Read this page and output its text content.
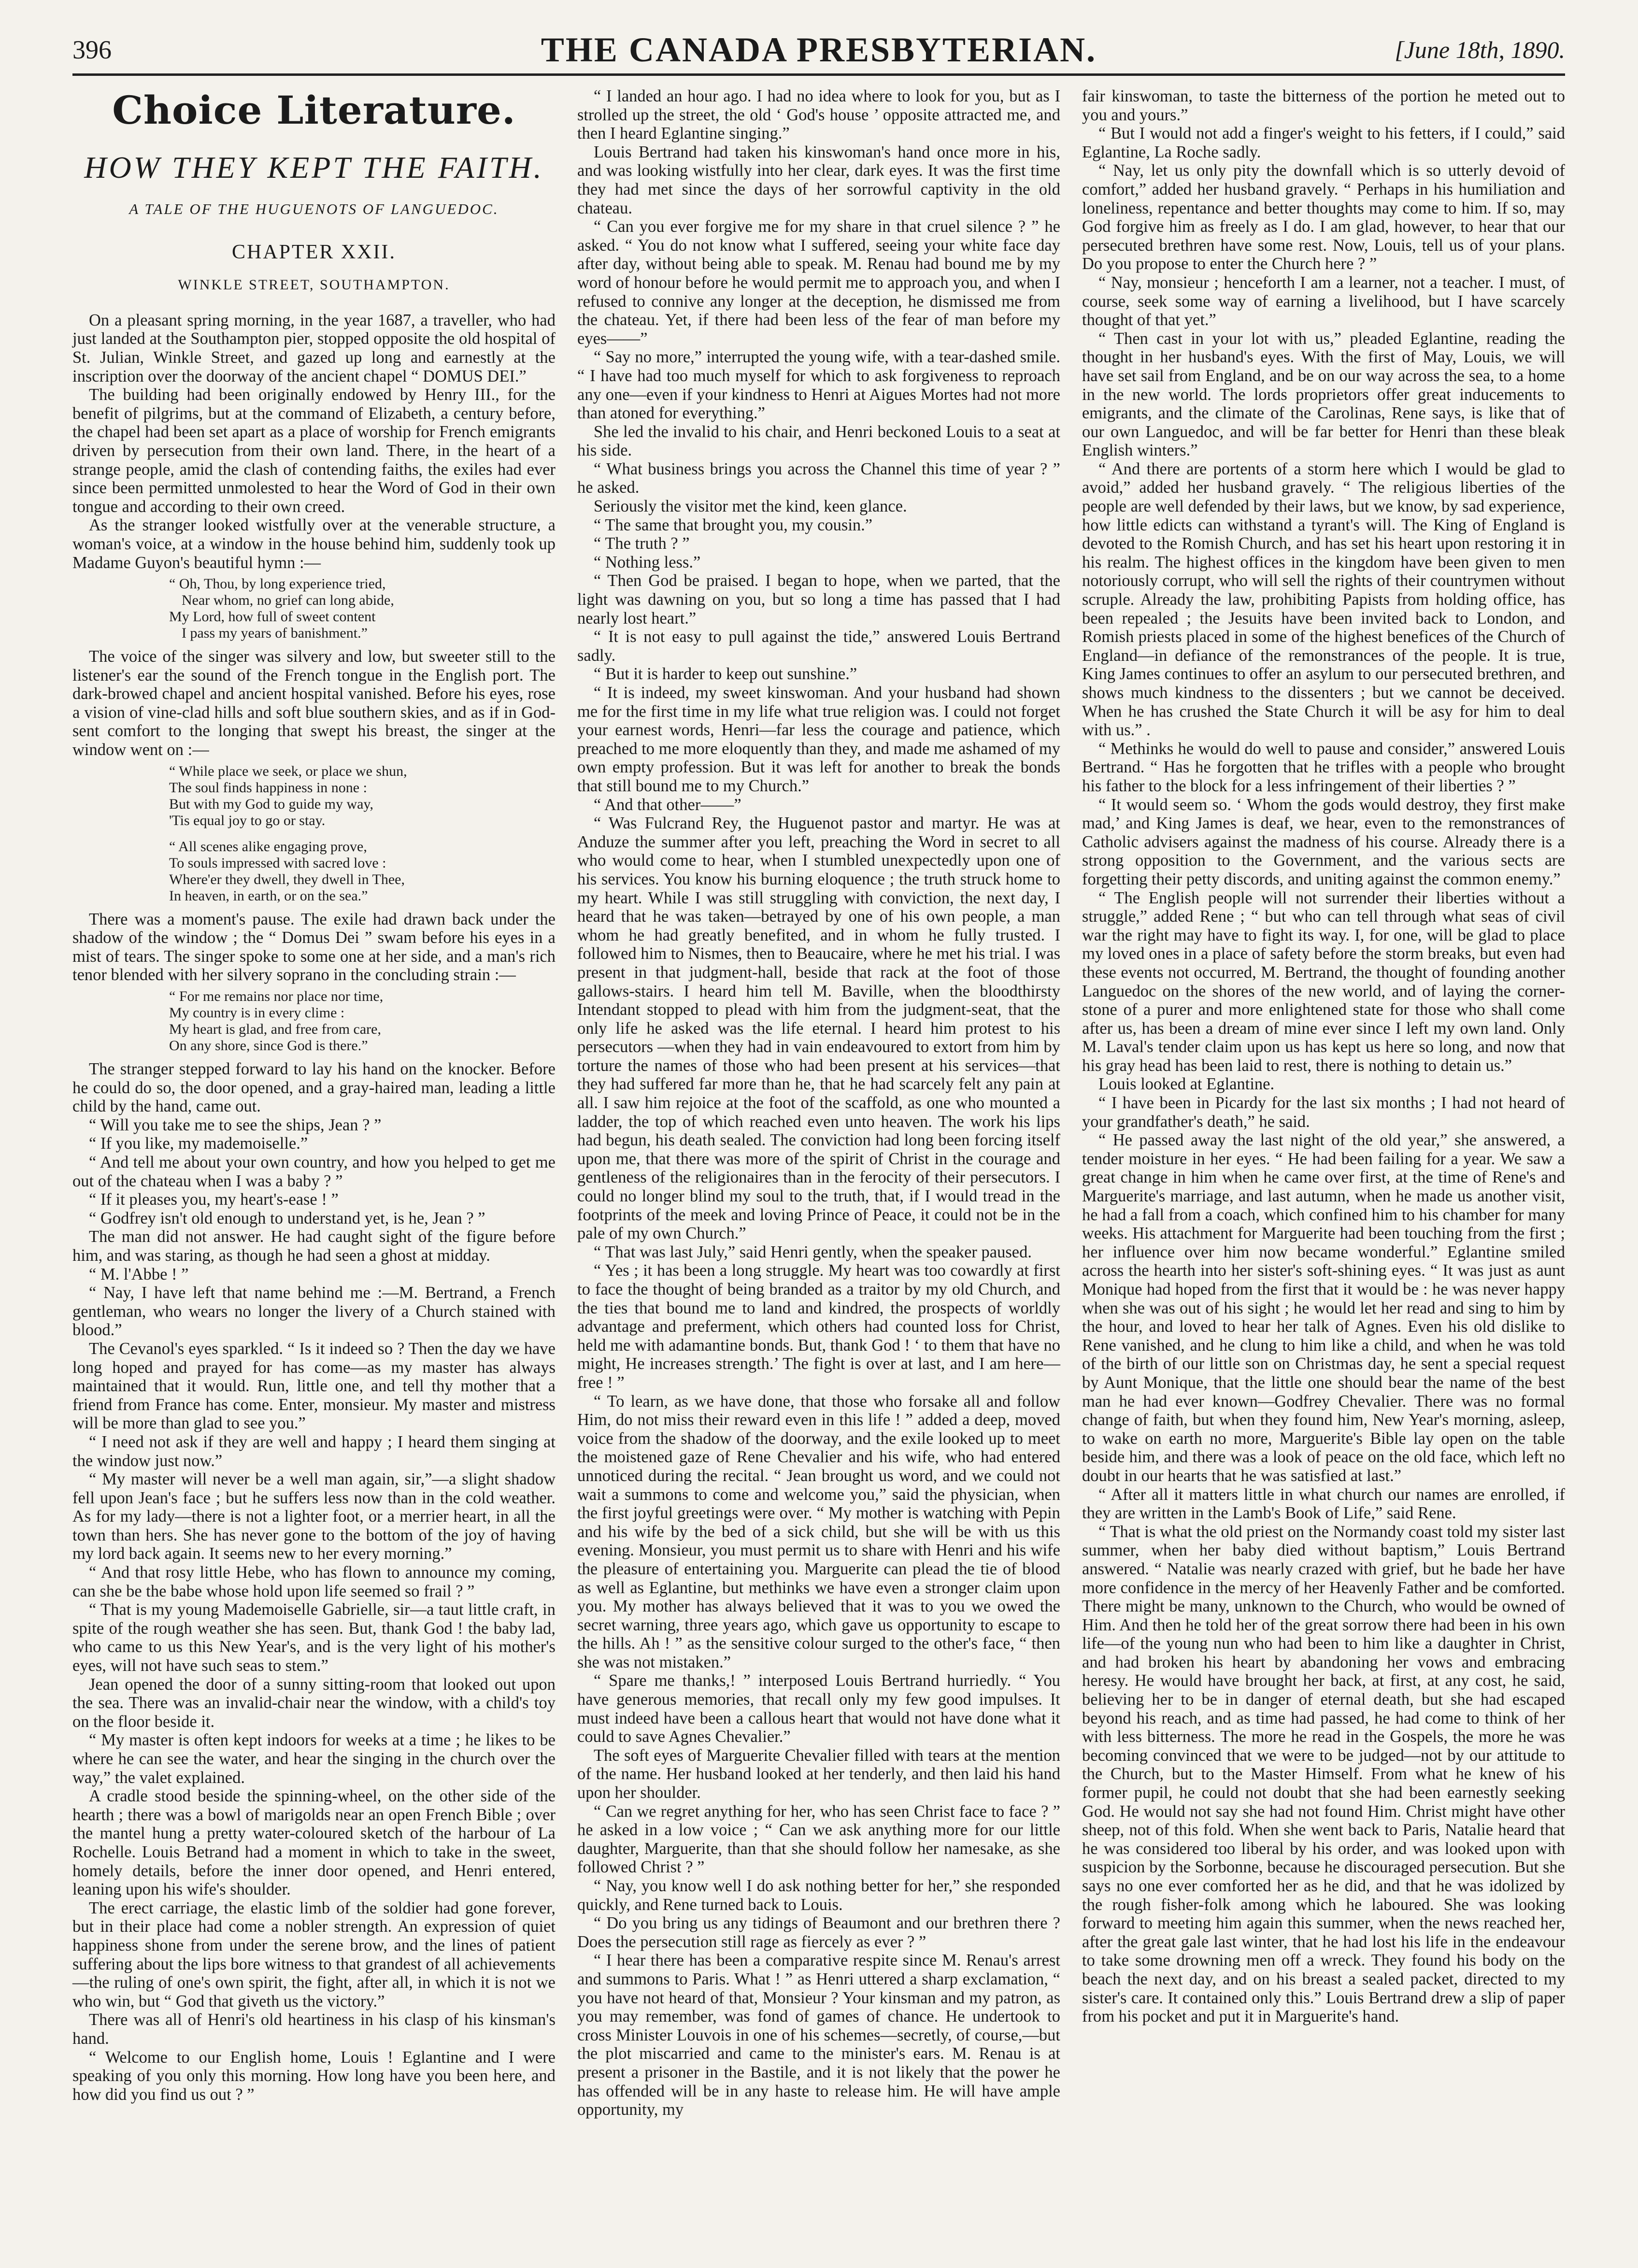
396	THE CANADA PRESBYTERIAN.	[June 18th, 1890.
Choice Literature.
HOW THEY KEPT THE FAITH.
A TALE OF THE HUGUENOTS OF LANGUEDOC.
CHAPTER XXII.
WINKLE STREET, SOUTHAMPTON.

On a pleasant spring morning, in the year 1687, a traveller, who had just landed at the Southampton pier, stopped opposite the old hospital of St. Julian, Winkle Street, and gazed up long and earnestly at the inscription over the doorway of the ancient chapel “ DOMUS DEI.”

The building had been originally endowed by Henry III., for the benefit of pilgrims, but at the command of Elizabeth, a century before, the chapel had been set apart as a place of worship for French emigrants driven by persecution from their own land. There, in the heart of a strange people, amid the clash of contending faiths, the exiles had ever since been permitted unmolested to hear the Word of God in their own tongue and according to their own creed.

As the stranger looked wistfully over at the venerable structure, a woman's voice, at a window in the house behind him, suddenly took up Madame Guyon's beautiful hymn :—

“ Oh, Thou, by long experience tried,
Near whom, no grief can long abide,
My Lord, how full of sweet content
I pass my years of banishment.”

The voice of the singer was silvery and low, but sweeter still to the listener's ear the sound of the French tongue in the English port. The dark-browed chapel and ancient hospital vanished. Before his eyes, rose a vision of vine-clad hills and soft blue southern skies, and as if in God-sent comfort to the longing that swept his breast, the singer at the window went on :—

“ While place we seek, or place we shun,
The soul finds happiness in none :
But with my God to guide my way,
'Tis equal joy to go or stay.
“ All scenes alike engaging prove,
To souls impressed with sacred love :
Where'er they dwell, they dwell in Thee,
In heaven, in earth, or on the sea.”

There was a moment's pause. The exile had drawn back under the shadow of the window ; the “ Domus Dei ” swam before his eyes in a mist of tears. The singer spoke to some one at her side, and a man's rich tenor blended with her silvery soprano in the concluding strain :—

“ For me remains nor place nor time,
My country is in every clime :
My heart is glad, and free from care,
On any shore, since God is there.”

The stranger stepped forward to lay his hand on the knocker. Before he could do so, the door opened, and a gray-haired man, leading a little child by the hand, came out.

“ Will you take me to see the ships, Jean ? ”

“ If you like, my mademoiselle.”

“ And tell me about your own country, and how you helped to get me out of the chateau when I was a baby ? ”

“ If it pleases you, my heart's-ease ! ”

“ Godfrey isn't old enough to understand yet, is he, Jean ? ”

The man did not answer. He had caught sight of the figure before him, and was staring, as though he had seen a ghost at midday.

“ M. l'Abbe ! ”

“ Nay, I have left that name behind me :—M. Bertrand, a French gentleman, who wears no longer the livery of a Church stained with blood.”

The Cevanol's eyes sparkled. “ Is it indeed so ? Then the day we have long hoped and prayed for has come—as my master has always maintained that it would. Run, little one, and tell thy mother that a friend from France has come. Enter, monsieur. My master and mistress will be more than glad to see you.”

“ I need not ask if they are well and happy ; I heard them singing at the window just now.”

“ My master will never be a well man again, sir,”—a slight shadow fell upon Jean's face ; but he suffers less now than in the cold weather. As for my lady—there is not a lighter foot, or a merrier heart, in all the town than hers. She has never gone to the bottom of the joy of having my lord back again. It seems new to her every morning.”

“ And that rosy little Hebe, who has flown to announce my coming, can she be the babe whose hold upon life seemed so frail ? ”

“ That is my young Mademoiselle Gabrielle, sir—a taut little craft, in spite of the rough weather she has seen. But, thank God ! the baby lad, who came to us this New Year's, and is the very light of his mother's eyes, will not have such seas to stem.”

Jean opened the door of a sunny sitting-room that looked out upon the sea. There was an invalid-chair near the window, with a child's toy on the floor beside it.

“ My master is often kept indoors for weeks at a time ; he likes to be where he can see the water, and hear the singing in the church over the way,” the valet explained.

A cradle stood beside the spinning-wheel, on the other side of the hearth ; there was a bowl of marigolds near an open French Bible ; over the mantel hung a pretty water-coloured sketch of the harbour of La Rochelle. Louis Betrand had a moment in which to take in the sweet, homely details, before the inner door opened, and Henri entered, leaning upon his wife's shoulder.

The erect carriage, the elastic limb of the soldier had gone forever, but in their place had come a nobler strength. An expression of quiet happiness shone from under the serene brow, and the lines of patient suffering about the lips bore witness to that grandest of all achievements—the ruling of one's own spirit, the fight, after all, in which it is not we who win, but “ God that giveth us the victory.”

There was all of Henri's old heartiness in his clasp of his kinsman's hand.

“ Welcome to our English home, Louis ! Eglantine and I were speaking of you only this morning. How long have you been here, and how did you find us out ? ”

“ I landed an hour ago. I had no idea where to look for you, but as I strolled up the street, the old ‘ God's house ’ opposite attracted me, and then I heard Eglantine singing.”

Louis Bertrand had taken his kinswoman's hand once more in his, and was looking wistfully into her clear, dark eyes. It was the first time they had met since the days of her sorrowful captivity in the old chateau.

“ Can you ever forgive me for my share in that cruel silence ? ” he asked. “ You do not know what I suffered, seeing your white face day after day, without being able to speak. M. Renau had bound me by my word of honour before he would permit me to approach you, and when I refused to connive any longer at the deception, he dismissed me from the chateau. Yet, if there had been less of the fear of man before my eyes——”

“ Say no more,” interrupted the young wife, with a tear-dashed smile. “ I have had too much myself for which to ask forgiveness to reproach any one—even if your kindness to Henri at Aigues Mortes had not more than atoned for everything.”

She led the invalid to his chair, and Henri beckoned Louis to a seat at his side.

“ What business brings you across the Channel this time of year ? ” he asked.

Seriously the visitor met the kind, keen glance.

“ The same that brought you, my cousin.”

“ The truth ? ”

“ Nothing less.”

“ Then God be praised. I began to hope, when we parted, that the light was dawning on you, but so long a time has passed that I had nearly lost heart.”

“ It is not easy to pull against the tide,” answered Louis Bertrand sadly.

“ But it is harder to keep out sunshine.”

“ It is indeed, my sweet kinswoman. And your husband had shown me for the first time in my life what true religion was. I could not forget your earnest words, Henri—far less the courage and patience, which preached to me more eloquently than they, and made me ashamed of my own empty profession. But it was left for another to break the bonds that still bound me to my Church.”

“ And that other——”

“ Was Fulcrand Rey, the Huguenot pastor and martyr. He was at Anduze the summer after you left, preaching the Word in secret to all who would come to hear, when I stumbled unexpectedly upon one of his services. You know his burning eloquence ; the truth struck home to my heart. While I was still struggling with conviction, the next day, I heard that he was taken—betrayed by one of his own people, a man whom he had greatly benefited, and in whom he fully trusted. I followed him to Nismes, then to Beaucaire, where he met his trial. I was present in that judgment-hall, beside that rack at the foot of those gallows-stairs. I heard him tell M. Baville, when the bloodthirsty Intendant stopped to plead with him from the judgment-seat, that the only life he asked was the life eternal. I heard him protest to his persecutors —when they had in vain endeavoured to extort from him by torture the names of those who had been present at his services—that they had suffered far more than he, that he had scarcely felt any pain at all. I saw him rejoice at the foot of the scaffold, as one who mounted a ladder, the top of which reached even unto heaven. The work his lips had begun, his death sealed. The conviction had long been forcing itself upon me, that there was more of the spirit of Christ in the courage and gentleness of the religionaires than in the ferocity of their persecutors. I could no longer blind my soul to the truth, that, if I would tread in the footprints of the meek and loving Prince of Peace, it could not be in the pale of my own Church.”

“ That was last July,” said Henri gently, when the speaker paused.

“ Yes ; it has been a long struggle. My heart was too cowardly at first to face the thought of being branded as a traitor by my old Church, and the ties that bound me to land and kindred, the prospects of worldly advantage and preferment, which others had counted loss for Christ, held me with adamantine bonds. But, thank God ! ‘ to them that have no might, He increases strength.’ The fight is over at last, and I am here—free ! ”

“ To learn, as we have done, that those who forsake all and follow Him, do not miss their reward even in this life ! ” added a deep, moved voice from the shadow of the doorway, and the exile looked up to meet the moistened gaze of Rene Chevalier and his wife, who had entered unnoticed during the recital. “ Jean brought us word, and we could not wait a summons to come and welcome you,” said the physician, when the first joyful greetings were over. “ My mother is watching with Pepin and his wife by the bed of a sick child, but she will be with us this evening. Monsieur, you must permit us to share with Henri and his wife the pleasure of entertaining you. Marguerite can plead the tie of blood as well as Eglantine, but methinks we have even a stronger claim upon you. My mother has always believed that it was to you we owed the secret warning, three years ago, which gave us opportunity to escape to the hills. Ah ! ” as the sensitive colour surged to the other's face, “ then she was not mistaken.”

“ Spare me thanks,! ” interposed Louis Bertrand hurriedly. “ You have generous memories, that recall only my few good impulses. It must indeed have been a callous heart that would not have done what it could to save Agnes Chevalier.”

The soft eyes of Marguerite Chevalier filled with tears at the mention of the name. Her husband looked at her tenderly, and then laid his hand upon her shoulder.

“ Can we regret anything for her, who has seen Christ face to face ? ” he asked in a low voice ; “ Can we ask anything more for our little daughter, Marguerite, than that she should follow her namesake, as she followed Christ ? ”

“ Nay, you know well I do ask nothing better for her,” she responded quickly, and Rene turned back to Louis.

“ Do you bring us any tidings of Beaumont and our brethren there ? Does the persecution still rage as fiercely as ever ? ”

“ I hear there has been a comparative respite since M. Renau's arrest and summons to Paris. What ! ” as Henri uttered a sharp exclamation, “ you have not heard of that, Monsieur ? Your kinsman and my patron, as you may remember, was fond of games of chance. He undertook to cross Minister Louvois in one of his schemes—secretly, of course,—but the plot miscarried and came to the minister's ears. M. Renau is at present a prisoner in the Bastile, and it is not likely that the power he has offended will be in any haste to release him. He will have ample opportunity, my

fair kinswoman, to taste the bitterness of the portion he meted out to you and yours.”

“ But I would not add a finger's weight to his fetters, if I could,” said Eglantine, La Roche sadly.

“ Nay, let us only pity the downfall which is so utterly devoid of comfort,” added her husband gravely. “ Perhaps in his humiliation and loneliness, repentance and better thoughts may come to him. If so, may God forgive him as freely as I do. I am glad, however, to hear that our persecuted brethren have some rest. Now, Louis, tell us of your plans. Do you propose to enter the Church here ? ”

“ Nay, monsieur ; henceforth I am a learner, not a teacher. I must, of course, seek some way of earning a livelihood, but I have scarcely thought of that yet.”

“ Then cast in your lot with us,” pleaded Eglantine, reading the thought in her husband's eyes. With the first of May, Louis, we will have set sail from England, and be on our way across the sea, to a home in the new world. The lords proprietors offer great inducements to emigrants, and the climate of the Carolinas, Rene says, is like that of our own Languedoc, and will be far better for Henri than these bleak English winters.”

“ And there are portents of a storm here which I would be glad to avoid,” added her husband gravely. “ The religious liberties of the people are well defended by their laws, but we know, by sad experience, how little edicts can withstand a tyrant's will. The King of England is devoted to the Romish Church, and has set his heart upon restoring it in his realm. The highest offices in the kingdom have been given to men notoriously corrupt, who will sell the rights of their countrymen without scruple. Already the law, prohibiting Papists from holding office, has been repealed ; the Jesuits have been invited back to London, and Romish priests placed in some of the highest benefices of the Church of England—in defiance of the remonstrances of the people. It is true, King James continues to offer an asylum to our persecuted brethren, and shows much kindness to the dissenters ; but we cannot be deceived. When he has crushed the State Church it will be asy for him to deal with us.” .

“ Methinks he would do well to pause and consider,” answered Louis Bertrand. “ Has he forgotten that he trifles with a people who brought his father to the block for a less infringement of their liberties ? ”

“ It would seem so. ‘ Whom the gods would destroy, they first make mad,’ and King James is deaf, we hear, even to the remonstrances of Catholic advisers against the madness of his course. Already there is a strong opposition to the Government, and the various sects are forgetting their petty discords, and uniting against the common enemy.”

“ The English people will not surrender their liberties without a struggle,” added Rene ; “ but who can tell through what seas of civil war the right may have to fight its way. I, for one, will be glad to place my loved ones in a place of safety before the storm breaks, but even had these events not occurred, M. Bertrand, the thought of founding another Languedoc on the shores of the new world, and of laying the corner-stone of a purer and more enlightened state for those who shall come after us, has been a dream of mine ever since I left my own land. Only M. Laval's tender claim upon us has kept us here so long, and now that his gray head has been laid to rest, there is nothing to detain us.”

Louis looked at Eglantine.

“ I have been in Picardy for the last six months ; I had not heard of your grandfather's death,” he said.

“ He passed away the last night of the old year,” she answered, a tender moisture in her eyes. “ He had been failing for a year. We saw a great change in him when he came over first, at the time of Rene's and Marguerite's marriage, and last autumn, when he made us another visit, he had a fall from a coach, which confined him to his chamber for many weeks. His attachment for Marguerite had been touching from the first ; her influence over him now became wonderful.” Eglantine smiled across the hearth into her sister's soft-shining eyes. “ It was just as aunt Monique had hoped from the first that it would be : he was never happy when she was out of his sight ; he would let her read and sing to him by the hour, and loved to hear her talk of Agnes. Even his old dislike to Rene vanished, and he clung to him like a child, and when he was told of the birth of our little son on Christmas day, he sent a special request by Aunt Monique, that the little one should bear the name of the best man he had ever known—Godfrey Chevalier. There was no formal change of faith, but when they found him, New Year's morning, asleep, to wake on earth no more, Marguerite's Bible lay open on the table beside him, and there was a look of peace on the old face, which left no doubt in our hearts that he was satisfied at last.”

“ After all it matters little in what church our names are enrolled, if they are written in the Lamb's Book of Life,” said Rene.

“ That is what the old priest on the Normandy coast told my sister last summer, when her baby died without baptism,” Louis Bertrand answered. “ Natalie was nearly crazed with grief, but he bade her have more confidence in the mercy of her Heavenly Father and be comforted. There might be many, unknown to the Church, who would be owned of Him. And then he told her of the great sorrow there had been in his own life—of the young nun who had been to him like a daughter in Christ, and had broken his heart by abandoning her vows and embracing heresy. He would have brought her back, at first, at any cost, he said, believing her to be in danger of eternal death, but she had escaped beyond his reach, and as time had passed, he had come to think of her with less bitterness. The more he read in the Gospels, the more he was becoming convinced that we were to be judged—not by our attitude to the Church, but to the Master Himself. From what he knew of his former pupil, he could not doubt that she had been earnestly seeking God. He would not say she had not found Him. Christ might have other sheep, not of this fold. When she went back to Paris, Natalie heard that he was considered too liberal by his order, and was looked upon with suspicion by the Sorbonne, because he discouraged persecution. But she says no one ever comforted her as he did, and that he was idolized by the rough fisher-folk among which he laboured. She was looking forward to meeting him again this summer, when the news reached her, after the great gale last winter, that he had lost his life in the endeavour to take some drowning men off a wreck. They found his body on the beach the next day, and on his breast a sealed packet, directed to my sister's care. It contained only this.” Louis Bertrand drew a slip of paper from his pocket and put it in Marguerite's hand.
